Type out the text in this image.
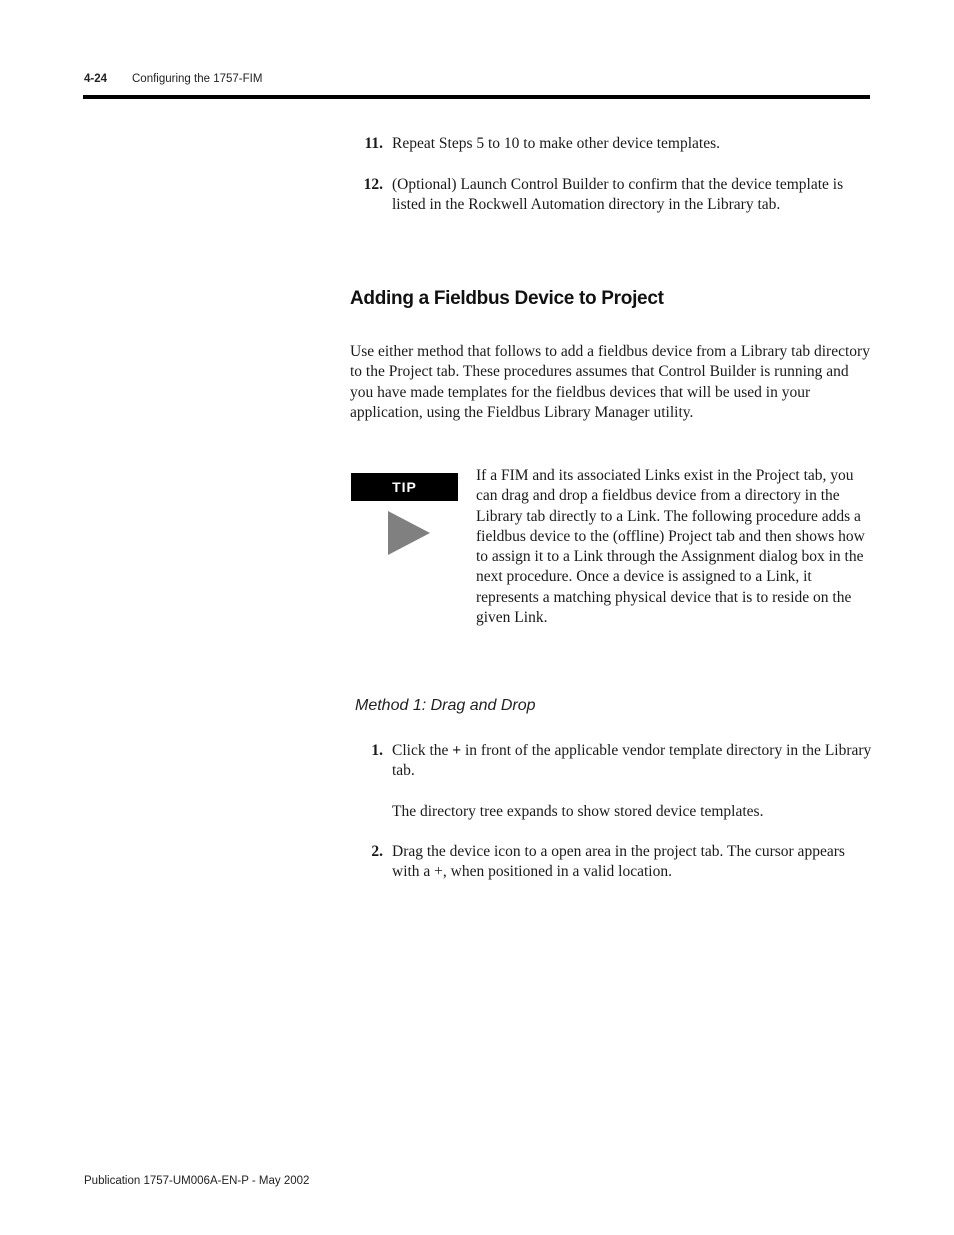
4-24 Configuring the 1757-FIM
11. Repeat Steps 5 to 10 to make other device templates.
12. (Optional) Launch Control Builder to confirm that the device template is listed in the Rockwell Automation directory in the Library tab.
Adding a Fieldbus Device to Project
Use either method that follows to add a fieldbus device from a Library tab directory to the Project tab. These procedures assumes that Control Builder is running and you have made templates for the fieldbus devices that will be used in your application, using the Fieldbus Library Manager utility.
TIP
If a FIM and its associated Links exist in the Project tab, you can drag and drop a fieldbus device from a directory in the Library tab directly to a Link. The following procedure adds a fieldbus device to the (offline) Project tab and then shows how to assign it to a Link through the Assignment dialog box in the next procedure. Once a device is assigned to a Link, it represents a matching physical device that is to reside on the given Link.
Method 1: Drag and Drop
1. Click the + in front of the applicable vendor template directory in the Library tab.
The directory tree expands to show stored device templates.
2. Drag the device icon to a open area in the project tab. The cursor appears with a +, when positioned in a valid location.
Publication 1757-UM006A-EN-P - May 2002
